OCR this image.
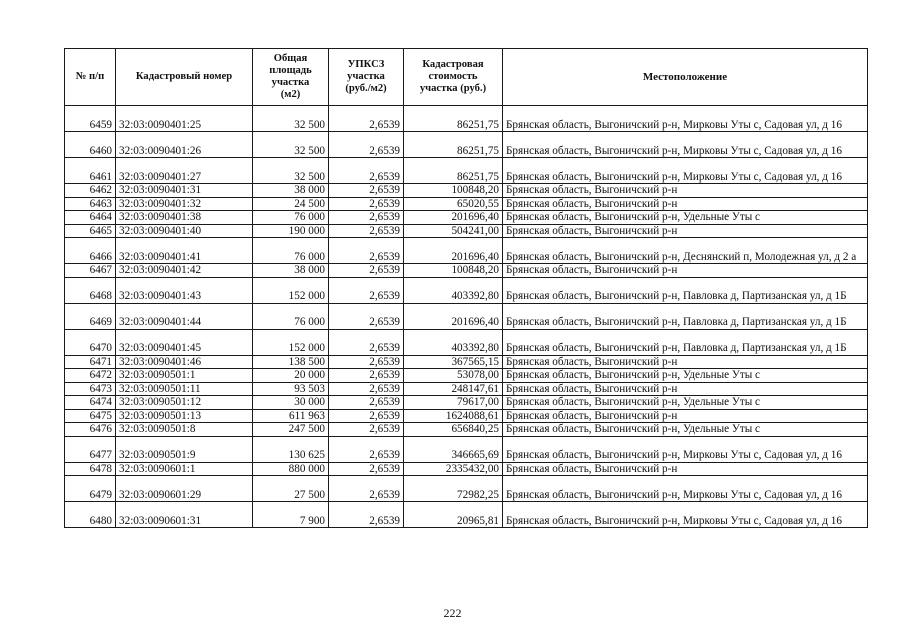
№ п/п	Кадастровый номер	Общая
площадь
участка
(м2)	УПКСЗ
участка
(руб./м2)	Кадастровая
стоимость
участка (руб.)	Местоположение
6459	32:03:0090401:25	32 500	2,6539	86251,75	Брянская область, Выгоничский р-н, Мирковы Уты с, Садовая ул, д 16
6460	32:03:0090401:26	32 500	2,6539	86251,75	Брянская область, Выгоничский р-н, Мирковы Уты с, Садовая ул, д 16
6461	32:03:0090401:27	32 500	2,6539	86251,75	Брянская область, Выгоничский р-н, Мирковы Уты с, Садовая ул, д 16
6462	32:03:0090401:31	38 000	2,6539	100848,20	Брянская область, Выгоничский р-н
6463	32:03:0090401:32	24 500	2,6539	65020,55	Брянская область, Выгоничский р-н
6464	32:03:0090401:38	76 000	2,6539	201696,40	Брянская область, Выгоничский р-н, Удельные Уты с
6465	32:03:0090401:40	190 000	2,6539	504241,00	Брянская область, Выгоничский р-н
6466	32:03:0090401:41	76 000	2,6539	201696,40	Брянская область, Выгоничский р-н, Деснянский п, Молодежная ул, д 2 а
6467	32:03:0090401:42	38 000	2,6539	100848,20	Брянская область, Выгоничский р-н
6468	32:03:0090401:43	152 000	2,6539	403392,80	Брянская область, Выгоничский р-н, Павловка д, Партизанская ул, д 1Б
6469	32:03:0090401:44	76 000	2,6539	201696,40	Брянская область, Выгоничский р-н, Павловка д, Партизанская ул, д 1Б
6470	32:03:0090401:45	152 000	2,6539	403392,80	Брянская область, Выгоничский р-н, Павловка д, Партизанская ул, д 1Б
6471	32:03:0090401:46	138 500	2,6539	367565,15	Брянская область, Выгоничский р-н
6472	32:03:0090501:1	20 000	2,6539	53078,00	Брянская область, Выгоничский р-н, Удельные Уты с
6473	32:03:0090501:11	93 503	2,6539	248147,61	Брянская область, Выгоничский р-н
6474	32:03:0090501:12	30 000	2,6539	79617,00	Брянская область, Выгоничский р-н, Удельные Уты с
6475	32:03:0090501:13	611 963	2,6539	1624088,61	Брянская область, Выгоничский р-н
6476	32:03:0090501:8	247 500	2,6539	656840,25	Брянская область, Выгоничский р-н, Удельные Уты с
6477	32:03:0090501:9	130 625	2,6539	346665,69	Брянская область, Выгоничский р-н, Мирковы Уты с, Садовая ул, д 16
6478	32:03:0090601:1	880 000	2,6539	2335432,00	Брянская область, Выгоничский р-н
6479	32:03:0090601:29	27 500	2,6539	72982,25	Брянская область, Выгоничский р-н, Мирковы Уты с, Садовая ул, д 16
6480	32:03:0090601:31	7 900	2,6539	20965,81	Брянская область, Выгоничский р-н, Мирковы Уты с, Садовая ул, д 16
222
